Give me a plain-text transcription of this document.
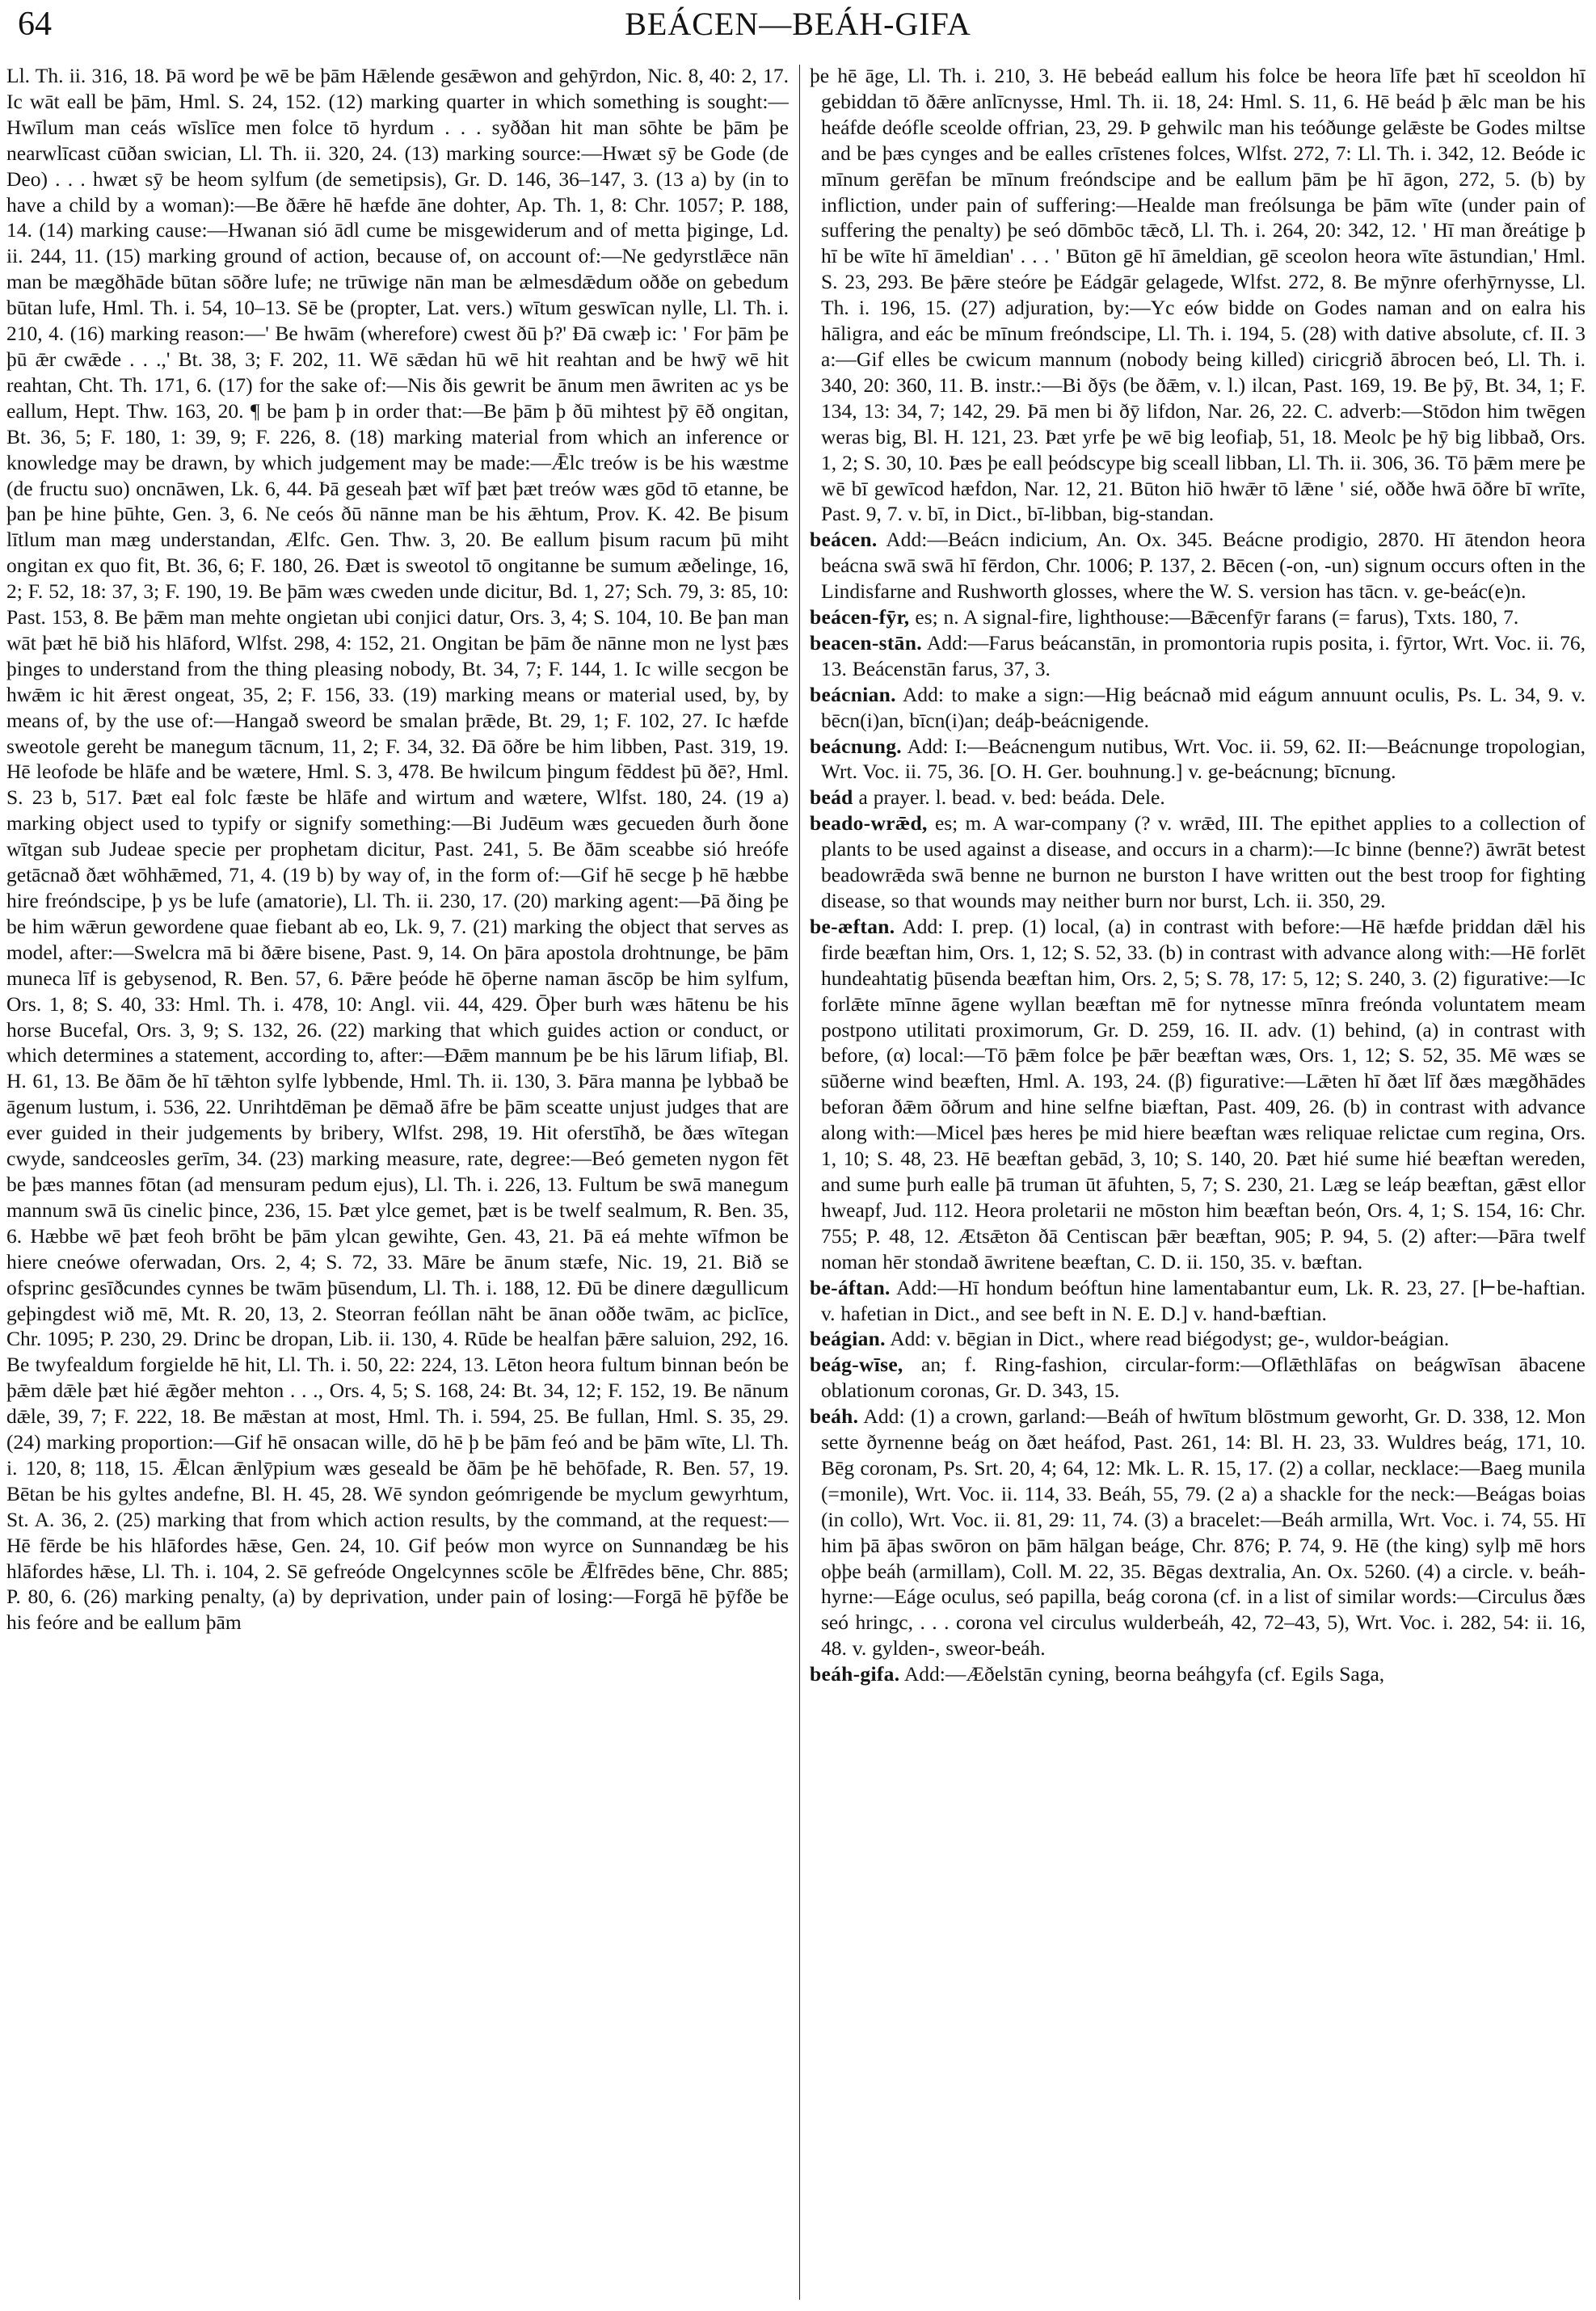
64	BEÁCEN—BEÁH-GIFA

Ll. Th. ii. 316, 18. Þā word þe wē be þām Hǣlende gesǣwon and gehȳrdon, Nic. 8, 40: 2, 17. Ic wāt eall be þām, Hml. S. 24, 152. (12) marking quarter in which something is sought:—Hwīlum man ceás wīslīce men folce tō hyrdum . . . syððan hit man sōhte be þām þe nearwlīcast cūðan swician, Ll. Th. ii. 320, 24. (13) marking source:—Hwæt sȳ be Gode (de Deo) . . . hwæt sȳ be heom sylfum (de semetipsis), Gr. D. 146, 36–147, 3. (13 a) by (in to have a child by a woman):—Be ðǣre hē hæfde āne dohter, Ap. Th. 1, 8: Chr. 1057; P. 188, 14. (14) marking cause:—Hwanan sió ādl cume be misgewiderum and of metta þiginge, Ld. ii. 244, 11. (15) marking ground of action, because of, on account of:—Ne gedyrstlǣce nān man be mægðhāde būtan sōðre lufe; ne trūwige nān man be ælmesdǣdum oððe on gebedum būtan lufe, Hml. Th. i. 54, 10–13. Sē be (propter, Lat. vers.) wītum geswīcan nylle, Ll. Th. i. 210, 4. (16) marking reason:—' Be hwām (wherefore) cwest ðū þ?' Ðā cwæþ ic: ' For þām þe þū ǣr cwǣde . . .,' Bt. 38, 3; F. 202, 11. Wē sǣdan hū wē hit reahtan and be hwȳ wē hit reahtan, Cht. Th. 171, 6. (17) for the sake of:—Nis ðis gewrit be ānum men āwriten ac ys be eallum, Hept. Thw. 163, 20. ¶ be þam þ in order that:—Be þām þ ðū mihtest þȳ ēð ongitan, Bt. 36, 5; F. 180, 1: 39, 9; F. 226, 8. (18) marking material from which an inference or knowledge may be drawn, by which judgement may be made:—Ǣlc treów is be his wæstme (de fructu suo) oncnāwen, Lk. 6, 44. Þā geseah þæt wīf þæt þæt treów wæs gōd tō etanne, be þan þe hine þūhte, Gen. 3, 6. Ne ceós ðū nānne man be his ǣhtum, Prov. K. 42. Be þisum lītlum man mæg understandan, Ælfc. Gen. Thw. 3, 20. Be eallum þisum racum þū miht ongitan ex quo fit, Bt. 36, 6; F. 180, 26. Ðæt is sweotol tō ongitanne be sumum æðelinge, 16, 2; F. 52, 18: 37, 3; F. 190, 19. Be þām wæs cweden unde dicitur, Bd. 1, 27; Sch. 79, 3: 85, 10: Past. 153, 8. Be þǣm man mehte ongietan ubi conjici datur, Ors. 3, 4; S. 104, 10. Be þan man wāt þæt hē bið his hlāford, Wlfst. 298, 4: 152, 21. Ongitan be þām ðe nānne mon ne lyst þæs þinges to understand from the thing pleasing nobody, Bt. 34, 7; F. 144, 1. Ic wille secgon be hwǣm ic hit ǣrest ongeat, 35, 2; F. 156, 33. (19) marking means or material used, by, by means of, by the use of:—Hangað sweord be smalan þrǣde, Bt. 29, 1; F. 102, 27. Ic hæfde sweotole gereht be manegum tācnum, 11, 2; F. 34, 32. Ðā ōðre be him libben, Past. 319, 19. Hē leofode be hlāfe and be wætere, Hml. S. 3, 478. Be hwilcum þingum fēddest þū ðē?, Hml. S. 23 b, 517. Þæt eal folc fæste be hlāfe and wirtum and wætere, Wlfst. 180, 24. (19 a) marking object used to typify or signify something:—Bi Judēum wæs gecueden ðurh ðone wītgan sub Judeae specie per prophetam dicitur, Past. 241, 5. Be ðām sceabbe sió hreófe getācnað ðæt wōhhǣmed, 71, 4. (19 b) by way of, in the form of:—Gif hē secge þ hē hæbbe hire freóndscipe, þ ys be lufe (amatorie), Ll. Th. ii. 230, 17. (20) marking agent:—Þā ðing þe be him wǣrun gewordene quae fiebant ab eo, Lk. 9, 7. (21) marking the object that serves as model, after:—Swelcra mā bi ðǣre bisene, Past. 9, 14. On þāra apostola drohtnunge, be þām muneca līf is gebysenod, R. Ben. 57, 6. Þǣre þeóde hē ōþerne naman āscōp be him sylfum, Ors. 1, 8; S. 40, 33: Hml. Th. i. 478, 10: Angl. vii. 44, 429. Ōþer burh wæs hātenu be his horse Bucefal, Ors. 3, 9; S. 132, 26. (22) marking that which guides action or conduct, or which determines a statement, according to, after:—Ðǣm mannum þe be his lārum lifiaþ, Bl. H. 61, 13. Be ðām ðe hī tǣhton sylfe lybbende, Hml. Th. ii. 130, 3. Þāra manna þe lybbað be āgenum lustum, i. 536, 22. Unrihtdēman þe dēmað āfre be þām sceatte unjust judges that are ever guided in their judgements by bribery, Wlfst. 298, 19. Hit oferstīhð, be ðæs wītegan cwyde, sandceosles gerīm, 34. (23) marking measure, rate, degree:—Beó gemeten nygon fēt be þæs mannes fōtan (ad mensuram pedum ejus), Ll. Th. i. 226, 13. Fultum be swā manegum mannum swā ūs cinelic þince, 236, 15. Þæt ylce gemet, þæt is be twelf sealmum, R. Ben. 35, 6. Hæbbe wē þæt feoh brōht be þām ylcan gewihte, Gen. 43, 21. Þā eá mehte wīfmon be hiere cneówe oferwadan, Ors. 2, 4; S. 72, 33. Māre be ānum stæfe, Nic. 19, 21. Bið se ofsprinc gesīðcundes cynnes be twām þūsendum, Ll. Th. i. 188, 12. Ðū be dinere dægullicum geþingdest wið mē, Mt. R. 20, 13, 2. Steorran feóllan nāht be ānan oððe twām, ac þiclīce, Chr. 1095; P. 230, 29. Drinc be dropan, Lib. ii. 130, 4. Rūde be healfan þǣre saluion, 292, 16. Be twyfealdum forgielde hē hit, Ll. Th. i. 50, 22: 224, 13. Lēton heora fultum binnan beón be þǣm dǣle þæt hié ǣgðer mehton . . ., Ors. 4, 5; S. 168, 24: Bt. 34, 12; F. 152, 19. Be nānum dǣle, 39, 7; F. 222, 18. Be mǣstan at most, Hml. Th. i. 594, 25. Be fullan, Hml. S. 35, 29. (24) marking proportion:—Gif hē onsacan wille, dō hē þ be þām feó and be þām wīte, Ll. Th. i. 120, 8; 118, 15. Ǣlcan ǣnlȳpium wæs geseald be ðām þe hē behōfade, R. Ben. 57, 19. Bētan be his gyltes andefne, Bl. H. 45, 28. Wē syndon geómrigende be myclum gewyrhtum, St. A. 36, 2. (25) marking that from which action results, by the command, at the request:—Hē fērde be his hlāfordes hǣse, Gen. 24, 10. Gif þeów mon wyrce on Sunnandæg be his hlāfordes hǣse, Ll. Th. i. 104, 2. Sē gefreóde Ongelcynnes scōle be Ǣlfrēdes bēne, Chr. 885; P. 80, 6. (26) marking penalty, (a) by deprivation, under pain of losing:—Forgā hē þȳfðe be his feóre and be eallum þām

þe hē āge, Ll. Th. i. 210, 3. Hē bebeád eallum his folce be heora līfe þæt hī sceoldon hī gebiddan tō ðǣre anlīcnysse, Hml. Th. ii. 18, 24: Hml. S. 11, 6. Hē beád þ ǣlc man be his heáfde deófle sceolde offrian, 23, 29. Þ gehwilc man his teóðunge gelǣste be Godes miltse and be þæs cynges and be ealles crīstenes folces, Wlfst. 272, 7: Ll. Th. i. 342, 12. Beóde ic mīnum gerēfan be mīnum freóndscipe and be eallum þām þe hī āgon, 272, 5. (b) by infliction, under pain of suffering:—Healde man freólsunga be þām wīte (under pain of suffering the penalty) þe seó dōmbōc tǣcð, Ll. Th. i. 264, 20: 342, 12. ' Hī man ðreátige þ hī be wīte hī āmeldian' . . . ' Būton gē hī āmeldian, gē sceolon heora wīte āstundian,' Hml. S. 23, 293. Be þǣre steóre þe Eádgār gelagede, Wlfst. 272, 8. Be mȳnre oferhȳrnysse, Ll. Th. i. 196, 15. (27) adjuration, by:—Yc eów bidde on Godes naman and on ealra his hāligra, and eác be mīnum freóndscipe, Ll. Th. i. 194, 5. (28) with dative absolute, cf. II. 3 a:—Gif elles be cwicum mannum (nobody being killed) ciricgrið ābrocen beó, Ll. Th. i. 340, 20: 360, 11. B. instr.:—Bi ðȳs (be ðǣm, v. l.) ilcan, Past. 169, 19. Be þȳ, Bt. 34, 1; F. 134, 13: 34, 7; 142, 29. Þā men bi ðȳ lifdon, Nar. 26, 22. C. adverb:—Stōdon him twēgen weras big, Bl. H. 121, 23. Þæt yrfe þe wē big leofiaþ, 51, 18. Meolc þe hȳ big libbað, Ors. 1, 2; S. 30, 10. Þæs þe eall þeódscype big sceall libban, Ll. Th. ii. 306, 36. Tō þǣm mere þe wē bī gewīcod hæfdon, Nar. 12, 21. Būton hiō hwǣr tō lǣne ' sié, oððe hwā ōðre bī wrīte, Past. 9, 7. v. bī, in Dict., bī-libban, big-standan.

beácen. Add:—Beácn indicium, An. Ox. 345. Beácne prodigio, 2870. Hī ātendon heora beácna swā swā hī fērdon, Chr. 1006; P. 137, 2. Bēcen (-on, -un) signum occurs often in the Lindisfarne and Rushworth glosses, where the W. S. version has tācn. v. ge-beác(e)n.

beácen-fȳr, es; n. A signal-fire, lighthouse:—Bǣcenfȳr farans (= farus), Txts. 180, 7.

beacen-stān. Add:—Farus beácanstān, in promontoria rupis posita, i. fȳrtor, Wrt. Voc. ii. 76, 13. Beácenstān farus, 37, 3.

beácnian. Add: to make a sign:—Hig beácnað mid eágum annuunt oculis, Ps. L. 34, 9. v. bēcn(i)an, bīcn(i)an; deáþ-beácnigende.

beácnung. Add: I:—Beácnengum nutibus, Wrt. Voc. ii. 59, 62. II:—Beácnunge tropologian, Wrt. Voc. ii. 75, 36. [O. H. Ger. bouhnung.] v. ge-beácnung; bīcnung.

beád a prayer. l. bead. v. bed: beáda. Dele.

beado-wrǣd, es; m. A war-company (? v. wrǣd, III. The epithet applies to a collection of plants to be used against a disease, and occurs in a charm):—Ic binne (benne?) āwrāt betest beadowrǣda swā benne ne burnon ne burston I have written out the best troop for fighting disease, so that wounds may neither burn nor burst, Lch. ii. 350, 29.

be-æftan. Add: I. prep. (1) local, (a) in contrast with before:—Hē hæfde þriddan dǣl his firde beæftan him, Ors. 1, 12; S. 52, 33. (b) in contrast with advance along with:—Hē forlēt hundeahtatig þūsenda beæftan him, Ors. 2, 5; S. 78, 17: 5, 12; S. 240, 3. (2) figurative:—Ic forlǣte mīnne āgene wyllan beæftan mē for nytnesse mīnra freónda voluntatem meam postpono utilitati proximorum, Gr. D. 259, 16. II. adv. (1) behind, (a) in contrast with before, (α) local:—Tō þǣm folce þe þǣr beæftan wæs, Ors. 1, 12; S. 52, 35. Mē wæs se sūðerne wind beæften, Hml. A. 193, 24. (β) figurative:—Lǣten hī ðæt līf ðæs mægðhādes beforan ðǣm ōðrum and hine selfne biæftan, Past. 409, 26. (b) in contrast with advance along with:—Micel þæs heres þe mid hiere beæftan wæs reliquae relictae cum regina, Ors. 1, 10; S. 48, 23. Hē beæftan gebād, 3, 10; S. 140, 20. Þæt hié sume hié beæftan wereden, and sume þurh ealle þā truman ūt āfuhten, 5, 7; S. 230, 21. Læg se leáp beæftan, gǣst ellor hweарf, Jud. 112. Heora proletarii ne mōston him beæftan beón, Ors. 4, 1; S. 154, 16: Chr. 755; P. 48, 12. Ætsǣton ðā Centiscan þǣr beæftan, 905; P. 94, 5. (2) after:—Þāra twelf noman hēr stondað āwritene beæftan, C. D. ii. 150, 35. v. bæftan.

be-áftan. Add:—Hī hondum beóftun hine lamentabantur eum, Lk. R. 23, 27. [⊢be-haftian. v. hafetian in Dict., and see beft in N. E. D.] v. hand-bæftian.

beágian. Add: v. bēgian in Dict., where read biégodyst; ge-, wuldor-beágian.

beág-wīse, an; f. Ring-fashion, circular-form:—Oflǣthlāfas on beágwīsan ābacene oblationum coronas, Gr. D. 343, 15.

beáh. Add: (1) a crown, garland:—Beáh of hwītum blōstmum geworht, Gr. D. 338, 12. Mon sette ðyrnenne beág on ðæt heáfod, Past. 261, 14: Bl. H. 23, 33. Wuldres beág, 171, 10. Bēg coronam, Ps. Srt. 20, 4; 64, 12: Mk. L. R. 15, 17. (2) a collar, necklace:—Baeg munila (=monile), Wrt. Voc. ii. 114, 33. Beáh, 55, 79. (2 a) a shackle for the neck:—Beágas boias (in collo), Wrt. Voc. ii. 81, 29: 11, 74. (3) a bracelet:—Beáh armilla, Wrt. Voc. i. 74, 55. Hī him þā āþas swōron on þām hālgan beáge, Chr. 876; P. 74, 9. Hē (the king) sylþ mē hors oþþe beáh (armillam), Coll. M. 22, 35. Bēgas dextralia, An. Ox. 5260. (4) a circle. v. beáh-hyrne:—Eáge oculus, seó papilla, beág corona (cf. in a list of similar words:—Circulus ðæs seó hringc, . . . corona vel circulus wulderbeáh, 42, 72–43, 5), Wrt. Voc. i. 282, 54: ii. 16, 48. v. gylden-, sweor-beáh.

beáh-gifa. Add:—Æðelstān cyning, beorna beáhgyfa (cf. Egils Saga,
